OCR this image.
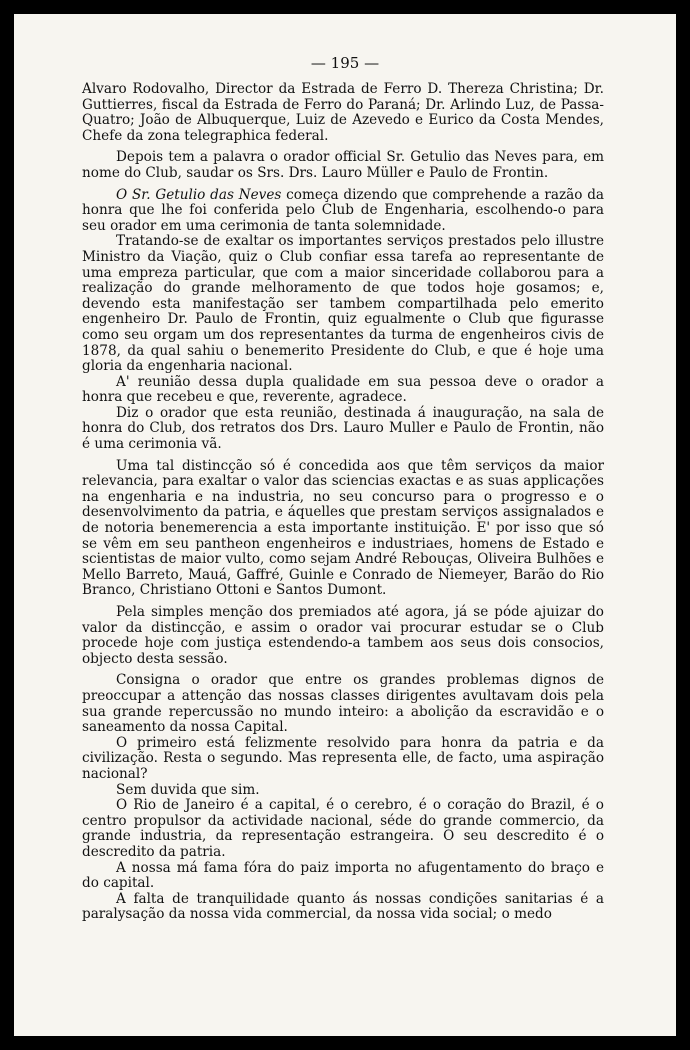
— 195 —

Alvaro Rodovalho, Director da Estrada de Ferro D. Thereza Christina; Dr. Guttierres, fiscal da Estrada de Ferro do Paraná; Dr. Arlindo Luz, de Passa-Quatro; João de Albuquerque, Luiz de Azevedo e Eurico da Costa Mendes, Chefe da zona telegraphica federal.

Depois tem a palavra o orador official Sr. Getulio das Neves para, em nome do Club, saudar os Srs. Drs. Lauro Müller e Paulo de Frontin.

O Sr. Getulio das Neves começa dizendo que comprehende a razão da honra que lhe foi conferida pelo Club de Engenharia, escolhendo-o para seu orador em uma cerimonia de tanta solemnidade.

Tratando-se de exaltar os importantes serviços prestados pelo illustre Ministro da Viação, quiz o Club confiar essa tarefa ao representante de uma empreza particular, que com a maior sinceridade collaborou para a realização do grande melhoramento de que todos hoje gosamos; e, devendo esta manifestação ser tambem compartilhada pelo emerito engenheiro Dr. Paulo de Frontin, quiz egualmente o Club que figurasse como seu orgam um dos representantes da turma de engenheiros civis de 1878, da qual sahiu o benemerito Presidente do Club, e que é hoje uma gloria da engenharia nacional.

A' reunião dessa dupla qualidade em sua pessoa deve o orador a honra que recebeu e que, reverente, agradece.

Diz o orador que esta reunião, destinada á inauguração, na sala de honra do Club, dos retratos dos Drs. Lauro Muller e Paulo de Frontin, não é uma cerimonia vã.

Uma tal distincção só é concedida aos que têm serviços da maior relevancia, para exaltar o valor das sciencias exactas e as suas applicações na engenharia e na industria, no seu concurso para o progresso e o desenvolvimento da patria, e áquelles que prestam serviços assignalados e de notoria benemerencia a esta importante instituição. E' por isso que só se vêm em seu pantheon engenheiros e industriaes, homens de Estado e scientistas de maior vulto, como sejam André Rebouças, Oliveira Bulhões e Mello Barreto, Mauá, Gaffré, Guinle e Conrado de Niemeyer, Barão do Rio Branco, Christiano Ottoni e Santos Dumont.

Pela simples menção dos premiados até agora, já se póde ajuizar do valor da distincção, e assim o orador vai procurar estudar se o Club procede hoje com justiça estendendo-a tambem aos seus dois consocios, objecto desta sessão.

Consigna o orador que entre os grandes problemas dignos de preoccupar a attenção das nossas classes dirigentes avultavam dois pela sua grande repercussão no mundo inteiro: a abolição da escravidão e o saneamento da nossa Capital.

O primeiro está felizmente resolvido para honra da patria e da civilização. Resta o segundo. Mas representa elle, de facto, uma aspiração nacional?

Sem duvida que sim.

O Rio de Janeiro é a capital, é o cerebro, é o coração do Brazil, é o centro propulsor da actividade nacional, séde do grande commercio, da grande industria, da representação estrangeira. O seu descredito é o descredito da patria.

A nossa má fama fóra do paiz importa no afugentamento do braço e do capital.

A falta de tranquilidade quanto ás nossas condições sanitarias é a paralysação da nossa vida commercial, da nossa vida social; o medo
